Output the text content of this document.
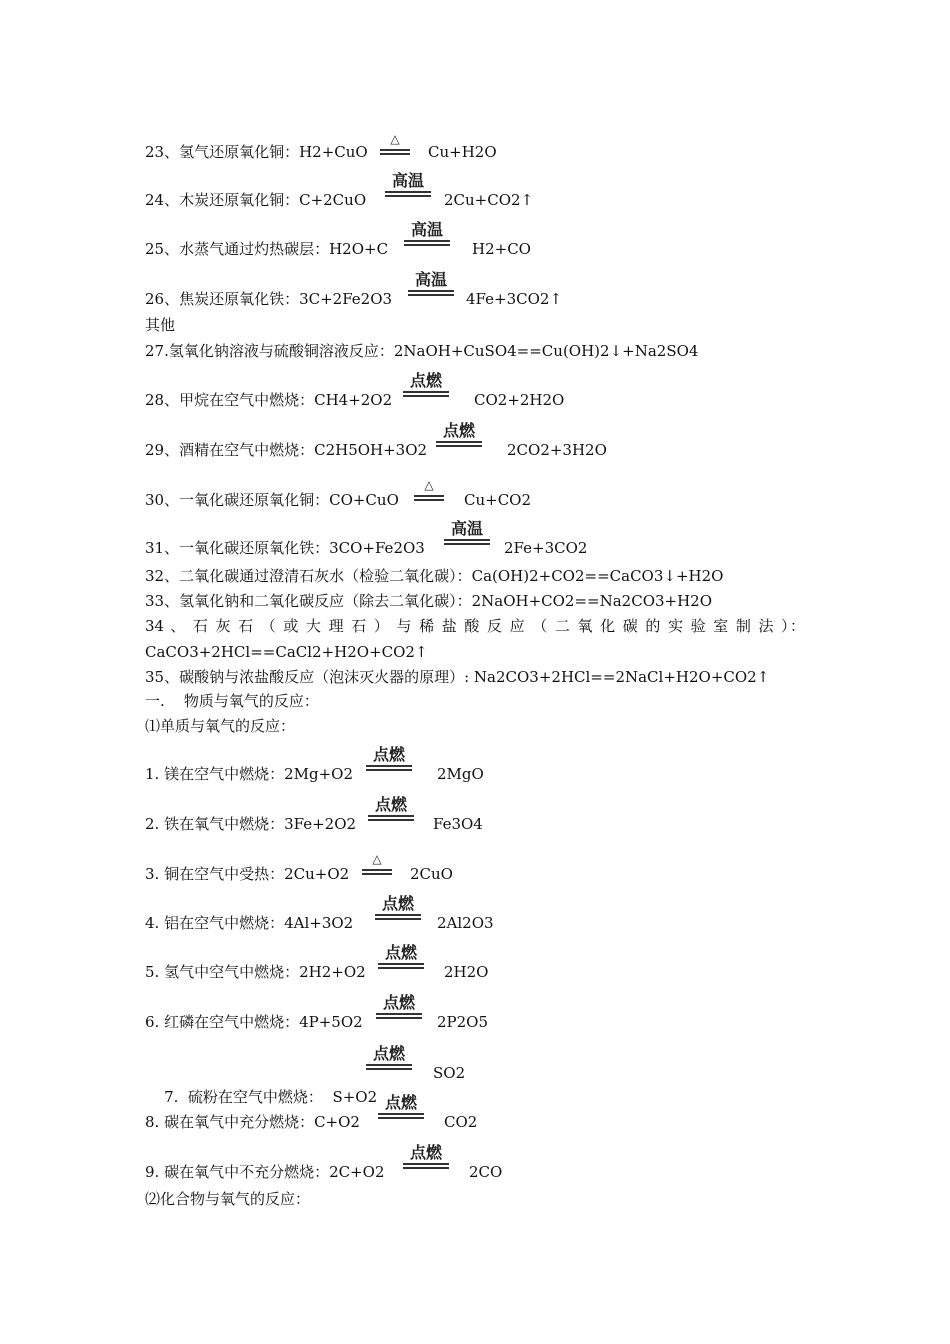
23、氢气还原氧化铜：H2+CuO
△
Cu+H2O
24、木炭还原氧化铜：C+2CuO
高温
2Cu+CO2↑
25、水蒸气通过灼热碳层：H2O+C
高温
H2+CO
26、焦炭还原氧化铁：3C+2Fe2O3
高温
4Fe+3CO2↑
其他
27.氢氧化钠溶液与硫酸铜溶液反应：2NaOH+CuSO4==Cu(OH)2↓+Na2SO4
28、甲烷在空气中燃烧：CH4+2O2
点燃
CO2+2H2O
29、酒精在空气中燃烧：C2H5OH+3O2
点燃
2CO2+3H2O
30、一氧化碳还原氧化铜：CO+CuO
△
Cu+CO2
31、一氧化碳还原氧化铁：3CO+Fe2O3
高温
2Fe+3CO2
32、二氧化碳通过澄清石灰水（检验二氧化碳）：Ca(OH)2+CO2==CaCO3↓+H2O
33、氢氧化钠和二氧化碳反应（除去二氧化碳）：2NaOH+CO2==Na2CO3+H2O
34 、 石 灰 石 （ 或 大 理 石 ） 与 稀 盐 酸 反 应 （ 二 氧 化 碳 的 实 验 室 制 法 ）：
CaCO3+2HCl==CaCl2+H2O+CO2↑
35、碳酸钠与浓盐酸反应（泡沫灭火器的原理）: Na2CO3+2HCl==2NaCl+H2O+CO2↑
一.    物质与氧气的反应：
⑴单质与氧气的反应：
1. 镁在空气中燃烧：2Mg+O2
点燃
2MgO
2. 铁在氧气中燃烧：3Fe+2O2
点燃
Fe3O4
3. 铜在空气中受热：2Cu+O2
△
2CuO
4. 铝在空气中燃烧：4Al+3O2
点燃
2Al2O3
5. 氢气中空气中燃烧：2H2+O2
点燃
2H2O
6. 红磷在空气中燃烧：4P+5O2
点燃
2P2O5

7.  硫粉在空气中燃烧：  S+O2

点燃
SO2
8. 碳在氧气中充分燃烧：C+O2
点燃
CO2
9. 碳在氧气中不充分燃烧：2C+O2
点燃
2CO
⑵化合物与氧气的反应：
